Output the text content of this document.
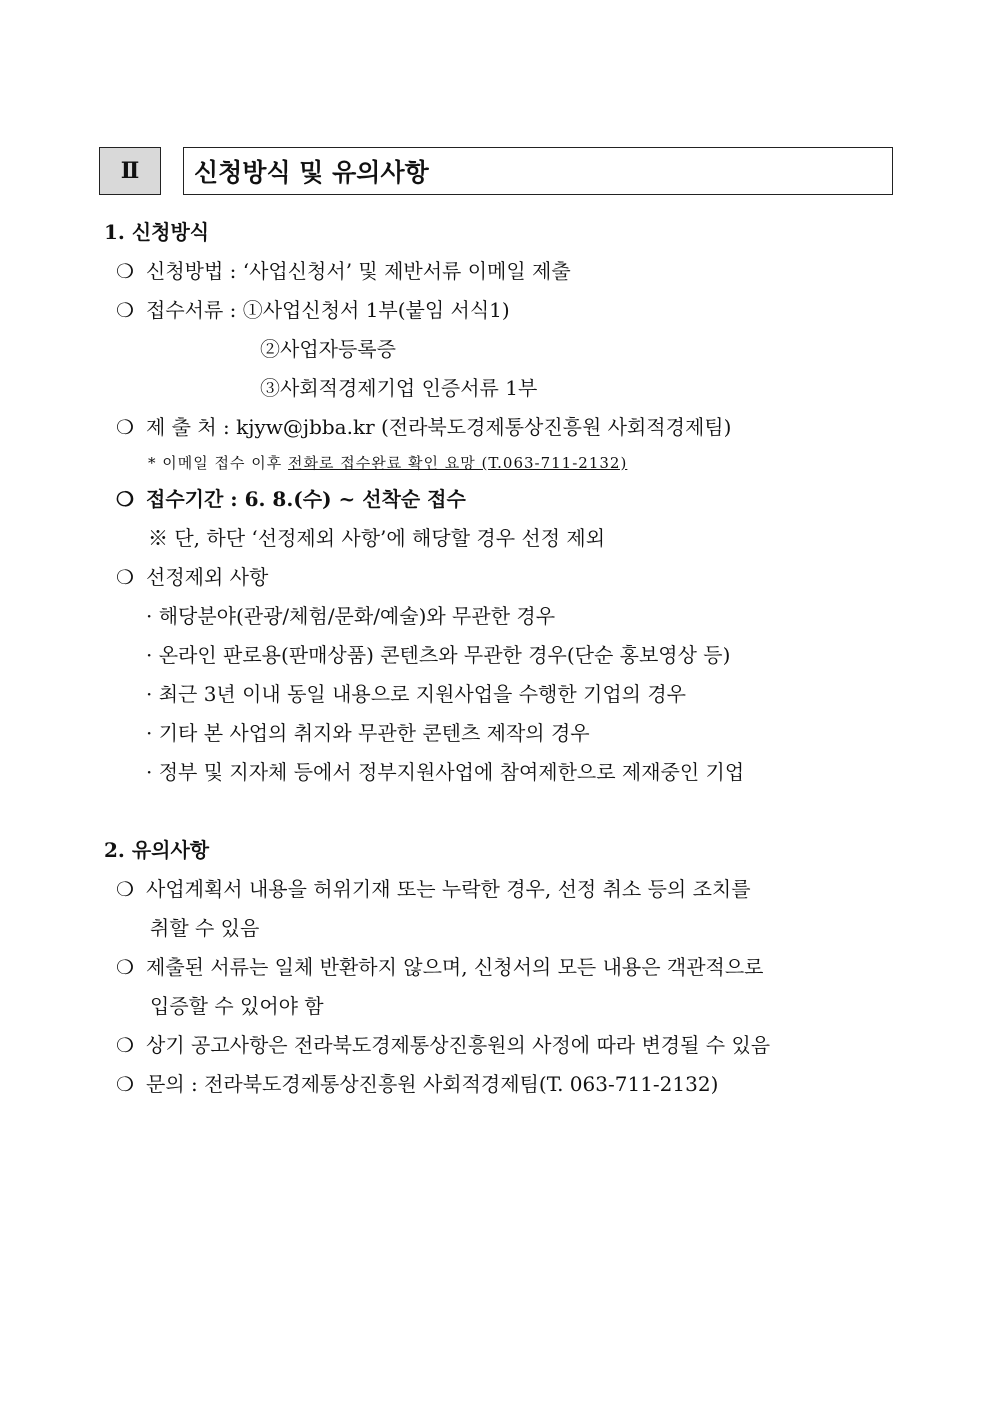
Ⅱ 신청방식 및 유의사항
1. 신청방식
❍ 신청방법 : ‘사업신청서’ 및 제반서류 이메일 제출
❍ 접수서류 : ①사업신청서 1부(붙임 서식1)
②사업자등록증
③사회적경제기업 인증서류 1부
❍ 제 출 처 : kjyw@jbba.kr (전라북도경제통상진흥원 사회적경제팀)
* 이메일 접수 이후 전화로 접수완료 확인 요망 (T.063-711-2132)
❍ 접수기간 : 6. 8.(수) ~ 선착순 접수
※ 단, 하단 ‘선정제외 사항’에 해당할 경우 선정 제외
❍ 선정제외 사항
· 해당분야(관광/체험/문화/예술)와 무관한 경우
· 온라인 판로용(판매상품) 콘텐츠와 무관한 경우(단순 홍보영상 등)
· 최근 3년 이내 동일 내용으로 지원사업을 수행한 기업의 경우
· 기타 본 사업의 취지와 무관한 콘텐츠 제작의 경우
· 정부 및 지자체 등에서 정부지원사업에 참여제한으로 제재중인 기업
2. 유의사항
❍ 사업계획서 내용을 허위기재 또는 누락한 경우, 선정 취소 등의 조치를
취할 수 있음
❍ 제출된 서류는 일체 반환하지 않으며, 신청서의 모든 내용은 객관적으로
입증할 수 있어야 함
❍ 상기 공고사항은 전라북도경제통상진흥원의 사정에 따라 변경될 수 있음
❍ 문의 : 전라북도경제통상진흥원 사회적경제팀(T. 063-711-2132)
